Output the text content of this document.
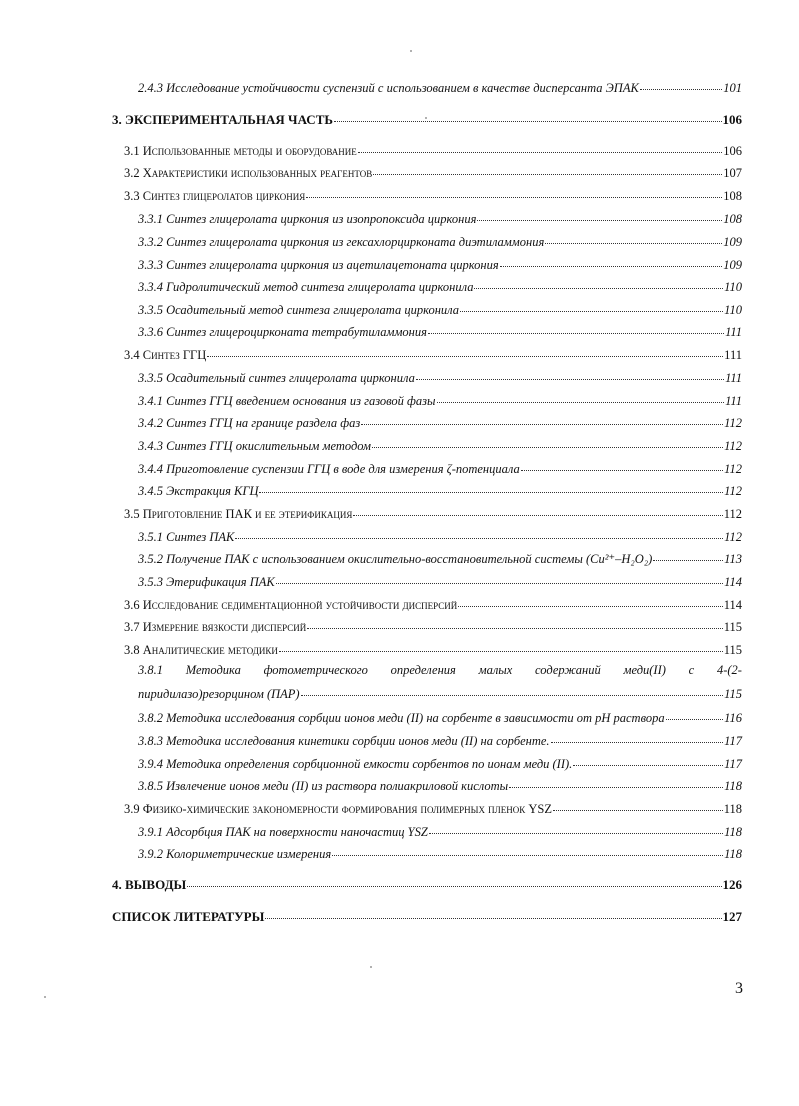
2.4.3 Исследование устойчивости суспензий с использованием в качестве дисперсанта ЭПАК	101
3. ЭКСПЕРИМЕНТАЛЬНАЯ ЧАСТЬ	106
3.1 Использованные методы и оборудование	106
3.2 Характеристики использованных реагентов	107
3.3 Синтез глицеролатов циркония	108
3.3.1 Синтез глицеролата циркония из изопропоксида циркония	108
3.3.2 Синтез глицеролата циркония из гексахлорцирконата диэтиламмония	109
3.3.3 Синтез глицеролата циркония из ацетилацетоната циркония	109
3.3.4 Гидролитический метод синтеза глицеролата цирконила	110
3.3.5 Осадительный метод синтеза глицеролата цирконила	110
3.3.6 Синтез глицероцирконата тетрабутиламмония	111
3.4 Синтез ГГЦ	111
3.3.5 Осадительный синтез глицеролата цирконила	111
3.4.1 Синтез ГГЦ введением основания из газовой фазы	111
3.4.2 Синтез ГГЦ на границе раздела фаз	112
3.4.3 Синтез ГГЦ окислительным методом	112
3.4.4 Приготовление суспензии ГГЦ в воде для измерения ζ-потенциала	112
3.4.5 Экстракция КГЦ	112
3.5 Приготовление ПАК и ее этерификация	112
3.5.1 Синтез ПАК	112
3.5.2 Получение ПАК с использованием окислительно-восстановительной системы (Cu²⁺–H₂O₂)	113
3.5.3 Этерификация ПАК	114
3.6 Исследование седиментационной устойчивости дисперсий	114
3.7 Измерение вязкости дисперсий	115
3.8 Аналитические методики	115
3.8.1 Методика фотометрического определения малых содержаний меди(II) с 4-(2-
пиридилазо)резорцином (ПАР)	115
3.8.2 Методика исследования сорбции ионов меди (II) на сорбенте в зависимости от pH раствора	116
3.8.3 Методика исследования кинетики сорбции ионов меди (II) на сорбенте.	117
3.9.4 Методика определения сорбционной емкости сорбентов по ионам меди (II).	117
3.8.5 Извлечение ионов меди (II) из раствора полиакриловой кислоты	118
3.9 Физико-химические закономерности формирования полимерных пленок YSZ	118
3.9.1 Адсорбция ПАК на поверхности наночастиц YSZ	118
3.9.2 Колориметрические измерения	118
4. ВЫВОДЫ	126
СПИСОК ЛИТЕРАТУРЫ	127
3
